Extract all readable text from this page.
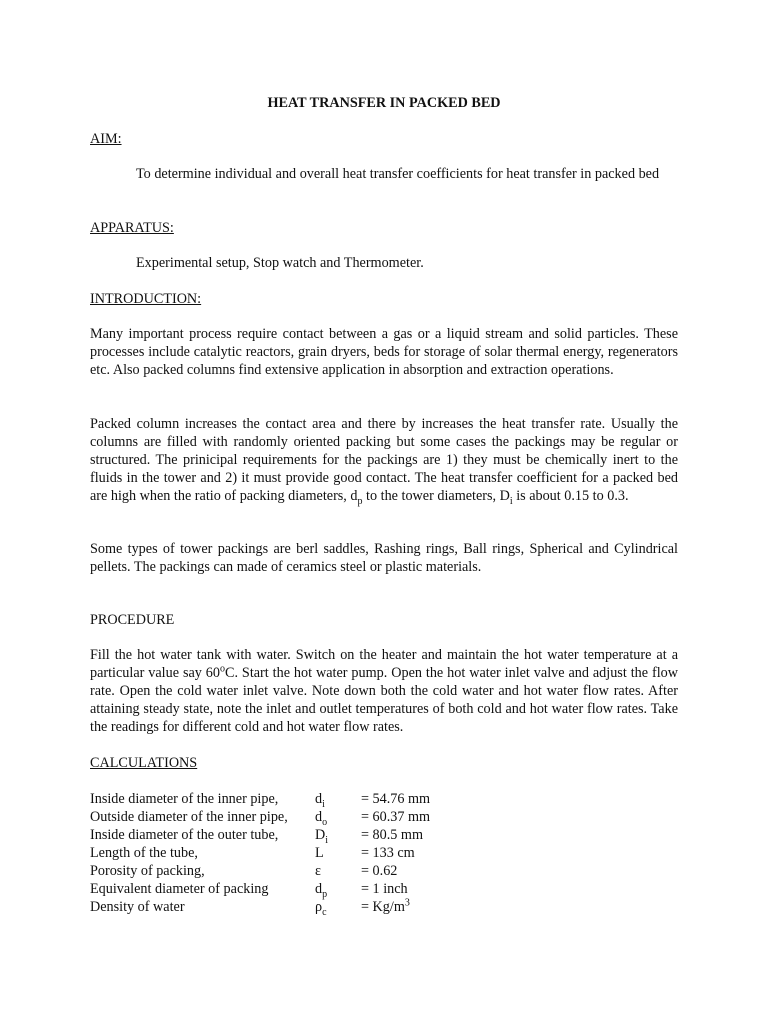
HEAT TRANSFER IN PACKED BED
AIM:
To determine individual and overall heat transfer coefficients for heat transfer in packed bed
APPARATUS:
Experimental setup, Stop watch and Thermometer.
INTRODUCTION:
Many important process require contact between a gas or a liquid stream and solid particles. These processes include catalytic reactors, grain dryers, beds for storage of solar thermal energy, regenerators etc. Also packed columns find extensive application in absorption and extraction operations.
Packed column increases the contact area and there by increases the heat transfer rate. Usually the columns are filled with randomly oriented packing but some cases the packings may be regular or structured. The prinicipal requirements for the packings are 1) they must be chemically inert to the fluids in the tower and 2) it must provide good contact. The heat transfer coefficient for a packed bed are high when the ratio of packing diameters, $d_p$ to the tower diameters, $D_i$ is about 0.15 to 0.3.
Some types of tower packings are berl saddles, Rashing rings, Ball rings, Spherical and Cylindrical pellets. The packings can made of ceramics steel or plastic materials.
PROCEDURE
Fill the hot water tank with water. Switch on the heater and maintain the hot water temperature at a particular value say 60$^o$C. Start the hot water pump. Open the hot water inlet valve and adjust the flow rate. Open the cold water inlet valve. Note down both the cold water and hot water flow rates. After attaining steady state, note the inlet and outlet temperatures of both cold and hot water flow rates. Take the readings for different cold and hot water flow rates.
CALCULATIONS
Inside diameter of the inner pipe,	$d_i$	= 54.76 mm
Outside diameter of the inner pipe, $d_o = 60.37$ mm
Inside diameter of the outer tube,	$D_i = 80.5$ mm
Length of the tube,	L	= 133 cm
Porosity of packing,	ε	= 0.62
Equivalent diameter of packing	$d_p = 1$ inch
Density of water	$\rho_c = Kg/m^3$
